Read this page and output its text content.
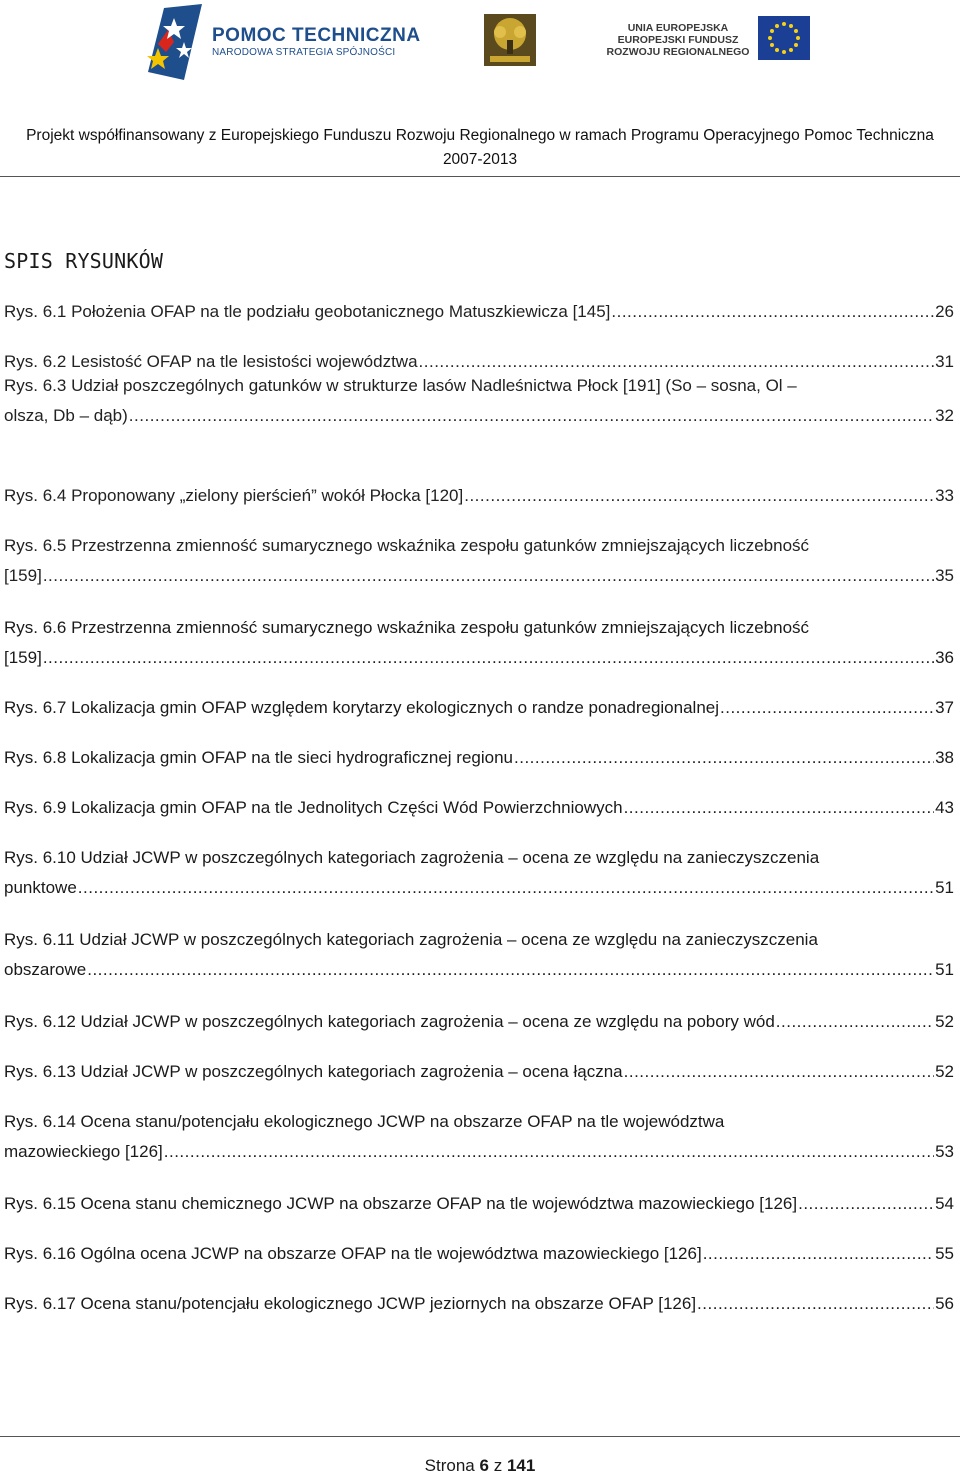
POMOC TECHNICZNA
NARODOWA STRATEGIA SPÓJNOŚCI
UNIA EUROPEJSKA
EUROPEJSKI FUNDUSZ
ROZWOJU REGIONALNEGO
Projekt współfinansowany z Europejskiego Funduszu Rozwoju Regionalnego w ramach Programu Operacyjnego Pomoc Techniczna
2007-2013
SPIS RYSUNKÓW
Rys. 6.1 Położenia OFAP na tle podziału geobotanicznego Matuszkiewicza [145] .....	26
Rys. 6.2 Lesistość OFAP na tle lesistości województwa .....	31
Rys. 6.3 Udział poszczególnych gatunków w strukturze lasów Nadleśnictwa Płock [191] (So – sosna, Ol –
olsza, Db – dąb) .....	32
Rys. 6.4 Proponowany „zielony pierścień” wokół Płocka [120] .....	33
Rys. 6.5 Przestrzenna zmienność sumarycznego wskaźnika zespołu gatunków zmniejszających liczebność
[159] .....	35
Rys. 6.6 Przestrzenna zmienność sumarycznego wskaźnika zespołu gatunków zmniejszających liczebność
[159] .....	36
Rys. 6.7 Lokalizacja gmin OFAP względem korytarzy ekologicznych o randze ponadregionalnej .....	37
Rys. 6.8 Lokalizacja gmin OFAP na tle sieci hydrograficznej regionu .....	38
Rys. 6.9 Lokalizacja gmin OFAP na tle Jednolitych Części Wód Powierzchniowych .....	43
Rys. 6.10 Udział JCWP w poszczególnych kategoriach zagrożenia – ocena ze względu na zanieczyszczenia
punktowe .....	51
Rys. 6.11 Udział JCWP w poszczególnych kategoriach zagrożenia – ocena ze względu na zanieczyszczenia
obszarowe .....	51
Rys. 6.12 Udział JCWP w poszczególnych kategoriach zagrożenia – ocena ze względu na pobory wód .....	52
Rys. 6.13 Udział JCWP w poszczególnych kategoriach zagrożenia – ocena łączna .....	52
Rys. 6.14 Ocena stanu/potencjału ekologicznego JCWP na obszarze OFAP na tle województwa
mazowieckiego [126] .....	53
Rys. 6.15 Ocena stanu chemicznego JCWP na obszarze OFAP na tle województwa mazowieckiego [126] .....	54
Rys. 6.16 Ogólna ocena JCWP na obszarze OFAP na tle województwa mazowieckiego [126] .....	55
Rys. 6.17 Ocena stanu/potencjału ekologicznego JCWP jeziornych na obszarze OFAP [126] .....	56
Strona 6 z 141
